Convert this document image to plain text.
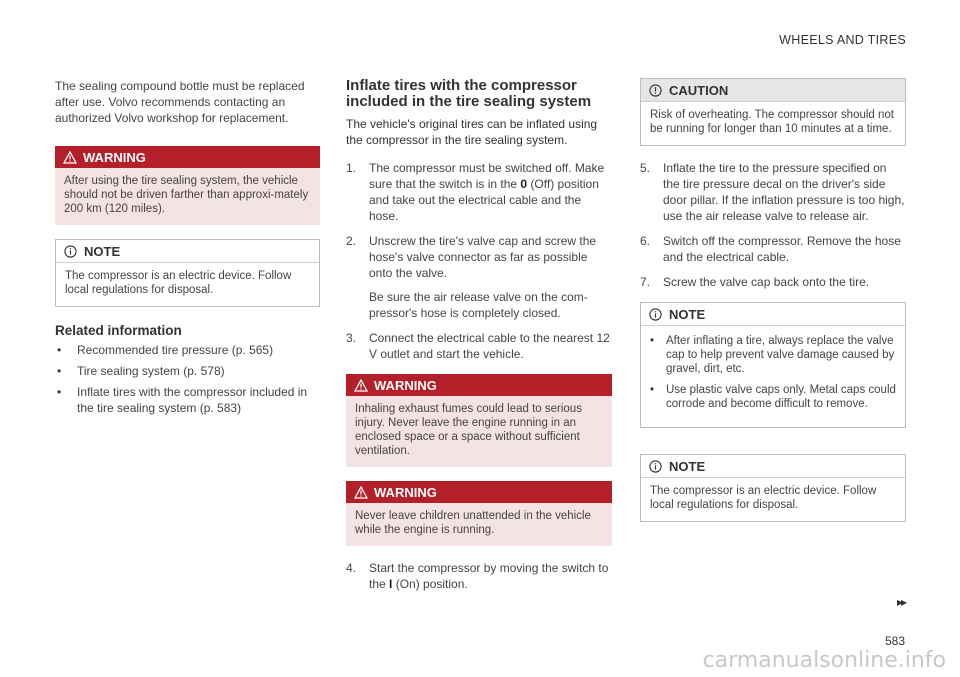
WHEELS AND TIRES

The sealing compound bottle must be replaced after use. Volvo recommends contacting an authorized Volvo workshop for replacement.

WARNING
After using the tire sealing system, the vehicle should not be driven farther than approxi-mately 200 km (120 miles).
NOTE
The compressor is an electric device. Follow local regulations for disposal.
Related information
• Recommended tire pressure (p. 565)
• Tire sealing system (p. 578)
• Inflate tires with the compressor included in the tire sealing system (p. 583)
Inflate tires with the compressor included in the tire sealing system
The vehicle's original tires can be inflated using the compressor in the tire sealing system.
1. The compressor must be switched off. Make sure that the switch is in the 0 (Off) position and take out the electrical cable and the hose.
2. Unscrew the tire's valve cap and screw the hose's valve connector as far as possible onto the valve.
Be sure the air release valve on the com-pressor's hose is completely closed.
3. Connect the electrical cable to the nearest 12 V outlet and start the vehicle.
WARNING
Inhaling exhaust fumes could lead to serious injury. Never leave the engine running in an enclosed space or a space without sufficient ventilation.
WARNING
Never leave children unattended in the vehicle while the engine is running.
4. Start the compressor by moving the switch to the I (On) position.
CAUTION
Risk of overheating. The compressor should not be running for longer than 10 minutes at a time.
5. Inflate the tire to the pressure specified on the tire pressure decal on the driver's side door pillar. If the inflation pressure is too high, use the air release valve to release air.
6. Switch off the compressor. Remove the hose and the electrical cable.
7. Screw the valve cap back onto the tire.
NOTE
• After inflating a tire, always replace the valve cap to help prevent valve damage caused by gravel, dirt, etc.
• Use plastic valve caps only. Metal caps could corrode and become difficult to remove.
NOTE
The compressor is an electric device. Follow local regulations for disposal.
▸▸
583
carmanualsonline.info
